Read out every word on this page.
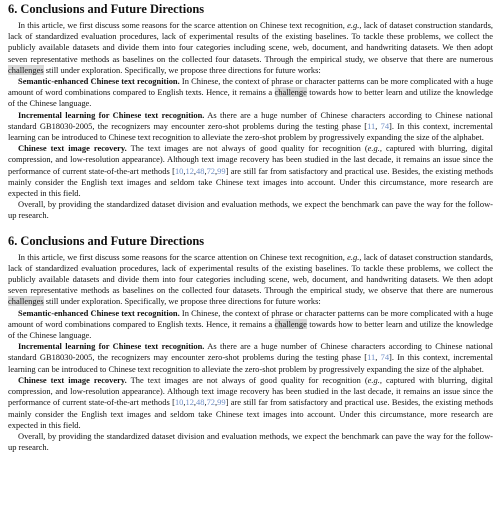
6. Conclusions and Future Directions

In this article, we first discuss some reasons for the scarce attention on Chinese text recognition, e.g., lack of dataset construction standards, lack of standardized evaluation procedures, lack of experimental results of the existing baselines. To tackle these problems, we collect the publicly available datasets and divide them into four categories including scene, web, document, and handwriting datasets. We then adopt seven representative methods as baselines on the collected four datasets. Through the empirical study, we observe that there are numerous challenges still under exploration. Specifically, we propose three directions for future works:

Semantic-enhanced Chinese text recognition. In Chinese, the context of phrase or character patterns can be more complicated with a huge amount of word combinations compared to English texts. Hence, it remains a challenge towards how to better learn and utilize the knowledge of the Chinese language.

Incremental learning for Chinese text recognition. As there are a huge number of Chinese characters according to Chinese national standard GB18030-2005, the recognizers may encounter zero-shot problems during the testing phase [11, 74]. In this context, incremental learning can be introduced to Chinese text recognition to alleviate the zero-shot problem by progressively expanding the size of the alphabet.

Chinese text image recovery. The text images are not always of good quality for recognition (e.g., captured with blurring, digital compression, and low-resolution appearance). Although text image recovery has been studied in the last decade, it remains an issue since the performance of current state-of-the-art methods [10,12,48,72,99] are still far from satisfactory and practical use. Besides, the existing methods mainly consider the English text images and seldom take Chinese text images into account. Under this circumstance, more research are expected in this field.

Overall, by providing the standardized dataset division and evaluation methods, we expect the benchmark can pave the way for the follow-up research.

6. Conclusions and Future Directions

In this article, we first discuss some reasons for the scarce attention on Chinese text recognition, e.g., lack of dataset construction standards, lack of standardized evaluation procedures, lack of experimental results of the existing baselines. To tackle these problems, we collect the publicly available datasets and divide them into four categories including scene, web, document, and handwriting datasets. We then adopt seven representative methods as baselines on the collected four datasets. Through the empirical study, we observe that there are numerous challenges still under exploration. Specifically, we propose three directions for future works:

Semantic-enhanced Chinese text recognition. In Chinese, the context of phrase or character patterns can be more complicated with a huge amount of word combinations compared to English texts. Hence, it remains a challenge towards how to better learn and utilize the knowledge of the Chinese language.

Incremental learning for Chinese text recognition. As there are a huge number of Chinese characters according to Chinese national standard GB18030-2005, the recognizers may encounter zero-shot problems during the testing phase [11, 74]. In this context, incremental learning can be introduced to Chinese text recognition to alleviate the zero-shot problem by progressively expanding the size of the alphabet.

Chinese text image recovery. The text images are not always of good quality for recognition (e.g., captured with blurring, digital compression, and low-resolution appearance). Although text image recovery has been studied in the last decade, it remains an issue since the performance of current state-of-the-art methods [10,12,48,72,99] are still far from satisfactory and practical use. Besides, the existing methods mainly consider the English text images and seldom take Chinese text images into account. Under this circumstance, more research are expected in this field.

Overall, by providing the standardized dataset division and evaluation methods, we expect the benchmark can pave the way for the follow-up research.
